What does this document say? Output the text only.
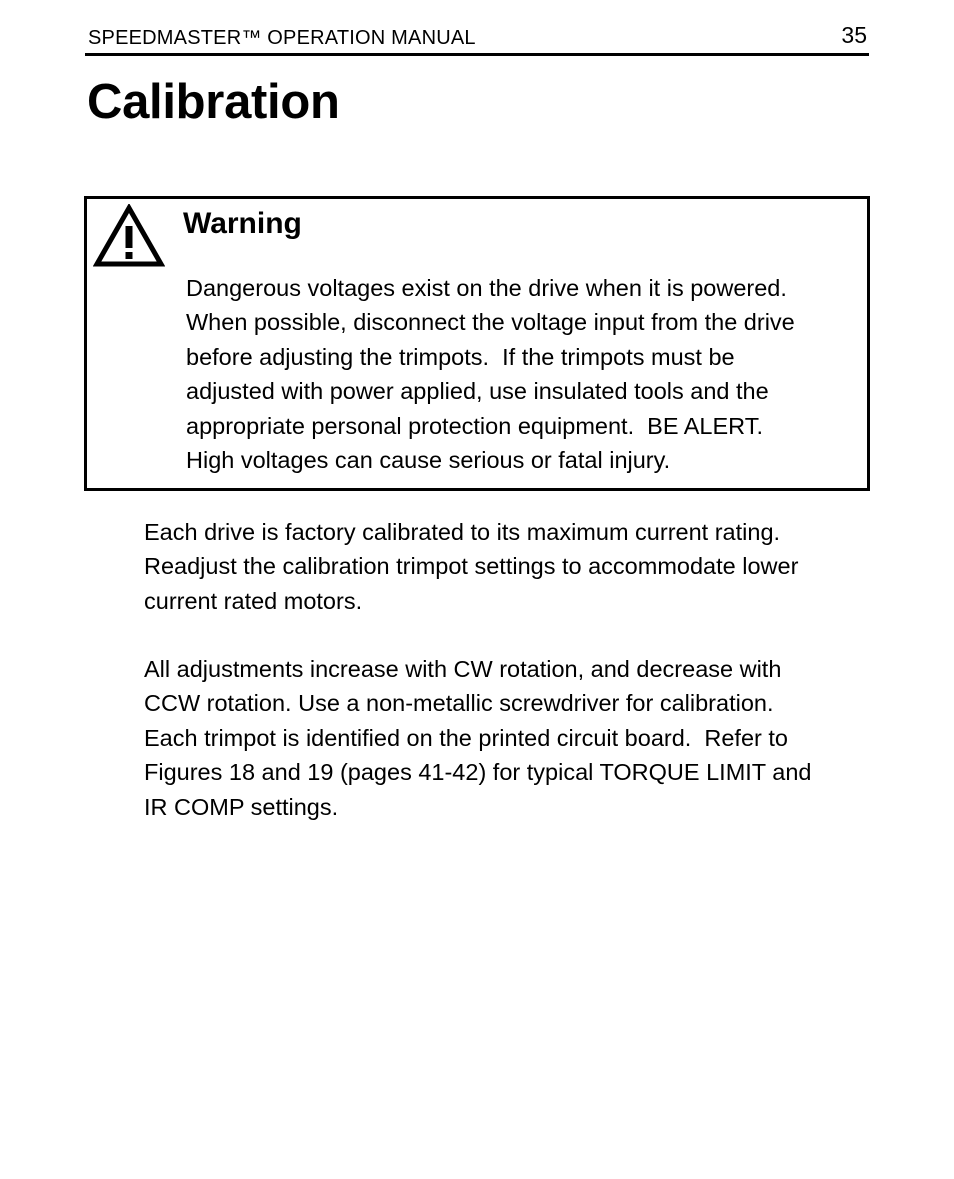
SPEEDMASTER™ OPERATION MANUAL	35
Calibration
Warning

Dangerous voltages exist on the drive when it is powered.
When possible, disconnect the voltage input from the drive
before adjusting the trimpots.  If the trimpots must be
adjusted with power applied, use insulated tools and the
appropriate personal protection equipment.  BE ALERT.
High voltages can cause serious or fatal injury.

Each drive is factory calibrated to its maximum current rating.
Readjust the calibration trimpot settings to accommodate lower
current rated motors.

All adjustments increase with CW rotation, and decrease with
CCW rotation. Use a non-metallic screwdriver for calibration.
Each trimpot is identified on the printed circuit board.  Refer to
Figures 18 and 19 (pages 41-42) for typical TORQUE LIMIT and
IR COMP settings.
